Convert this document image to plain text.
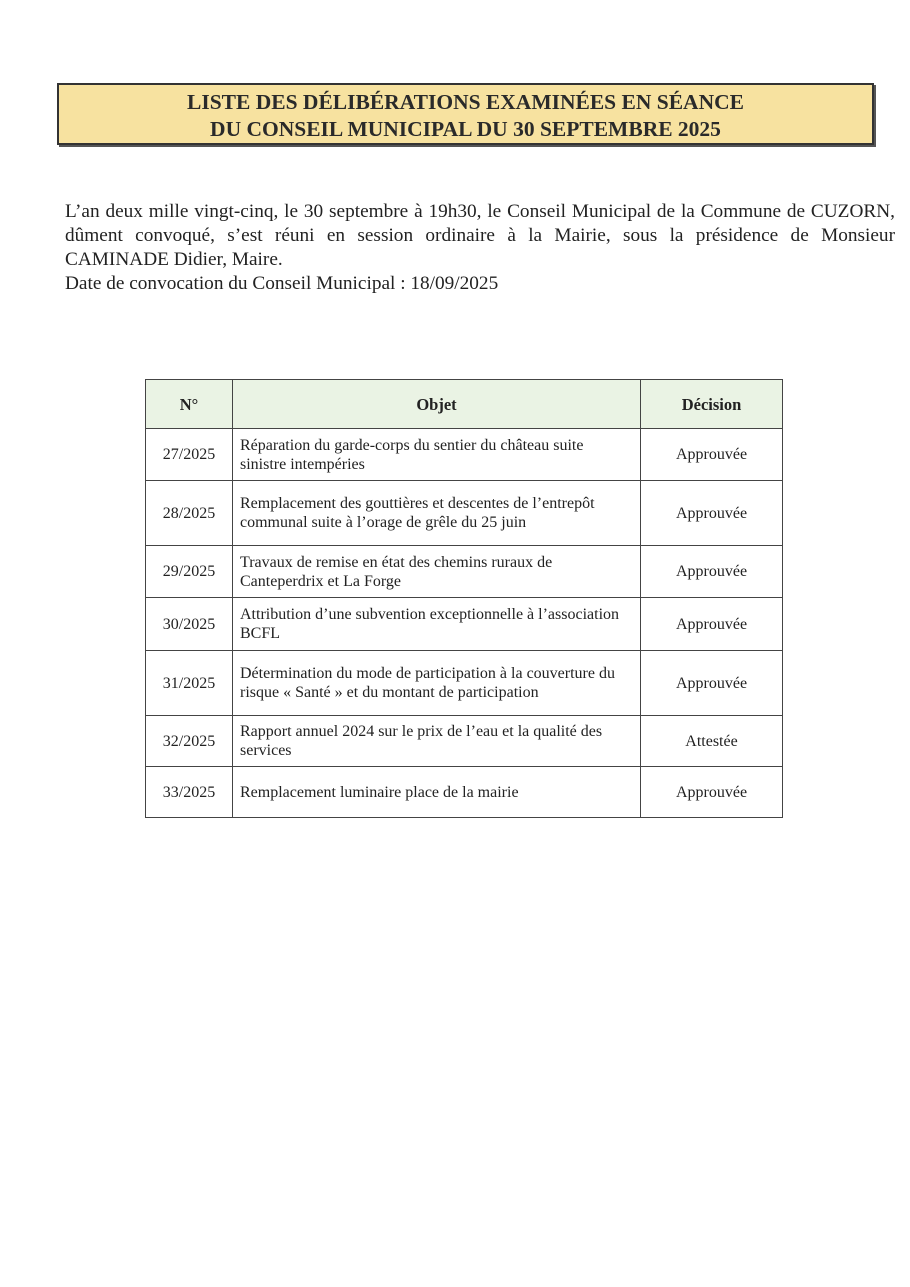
LISTE DES DÉLIBÉRATIONS EXAMINÉES EN SÉANCE
DU CONSEIL MUNICIPAL DU 30 SEPTEMBRE 2025

L’an deux mille vingt-cinq, le 30 septembre à 19h30, le Conseil Municipal de la Commune de CUZORN, dûment convoqué, s’est réuni en session ordinaire à la Mairie, sous la présidence de Monsieur CAMINADE Didier, Maire.

Date de convocation du Conseil Municipal : 18/09/2025

N°	Objet	Décision
27/2025	Réparation du garde-corps du sentier du château suite sinistre intempéries	Approuvée
28/2025	Remplacement des gouttières et descentes de l’entrepôt communal suite à l’orage de grêle du 25 juin	Approuvée
29/2025	Travaux de remise en état des chemins ruraux de Canteperdrix et La Forge	Approuvée
30/2025	Attribution d’une subvention exceptionnelle à l’association BCFL	Approuvée
31/2025	Détermination du mode de participation à la couverture du risque « Santé » et du montant de participation	Approuvée
32/2025	Rapport annuel 2024 sur le prix de l’eau et la qualité des services	Attestée
33/2025	Remplacement luminaire place de la mairie	Approuvée
